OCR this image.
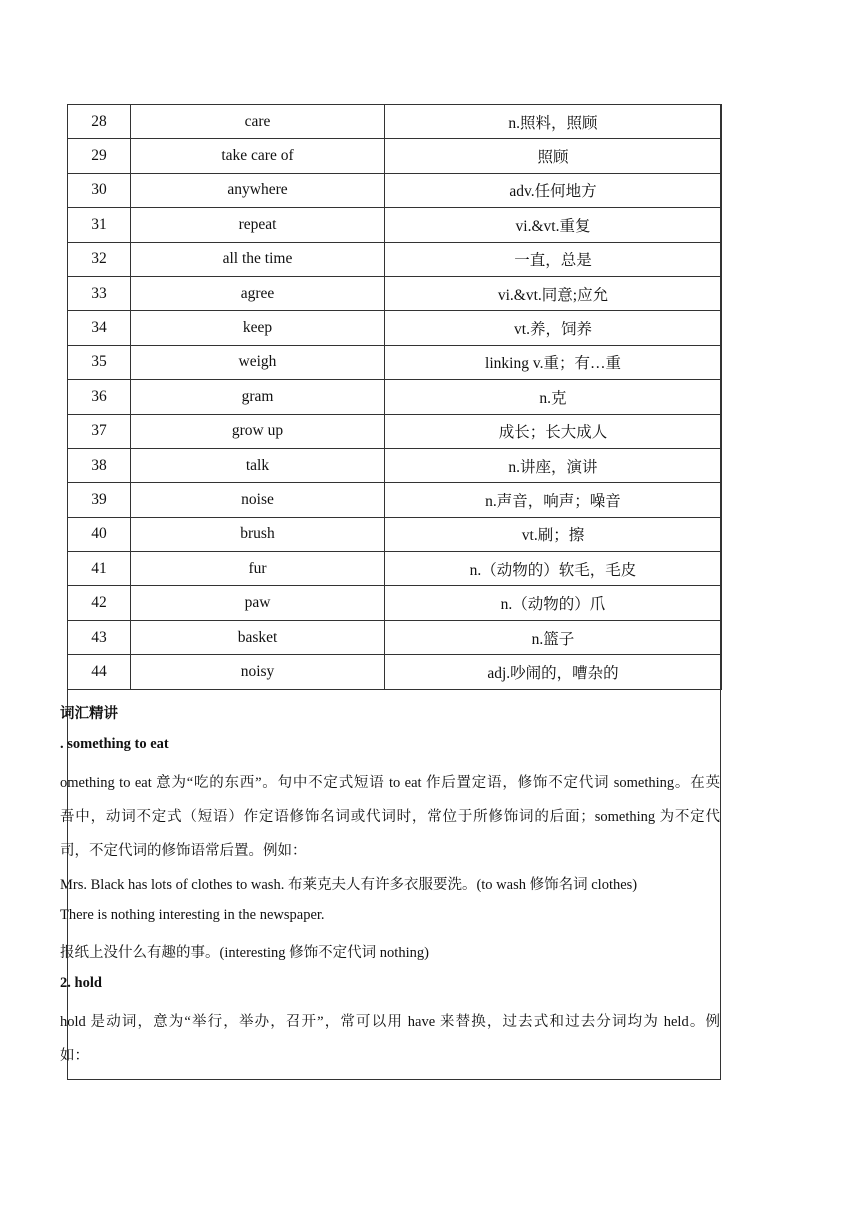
28	care	n.照料，照顾
29	take care of	照顾
30	anywhere	adv.任何地方
31	repeat	vi.&vt.重复
32	all the time	一直，总是
33	agree	vi.&vt.同意;应允
34	keep	vt.养，饲养
35	weigh	linking v.重；有…重
36	gram	n.克
37	grow up	成长；长大成人
38	talk	n.讲座，演讲
39	noise	n.声音，响声；噪音
40	brush	vt.刷；擦
41	fur	n.（动物的）软毛，毛皮
42	paw	n.（动物的）爪
43	basket	n.篮子
44	noisy	adj.吵闹的，嘈杂的
词汇精讲
. something to eat
omething to eat 意为“吃的东西”。句中不定式短语 to eat 作后置定语，修饰不定代词 something。在英
吾中，动词不定式（短语）作定语修饰名词或代词时，常位于所修饰词的后面；something 为不定代
司，不定代词的修饰语常后置。例如：
Mrs. Black has lots of clothes to wash. 布莱克夫人有许多衣服要洗。(to wash 修饰名词 clothes)
There is nothing interesting in the newspaper.
报纸上没什么有趣的事。(interesting 修饰不定代词 nothing)
2. hold
hold 是动词，意为“举行，举办，召开”，常可以用 have 来替换，过去式和过去分词均为 held。例
如：
